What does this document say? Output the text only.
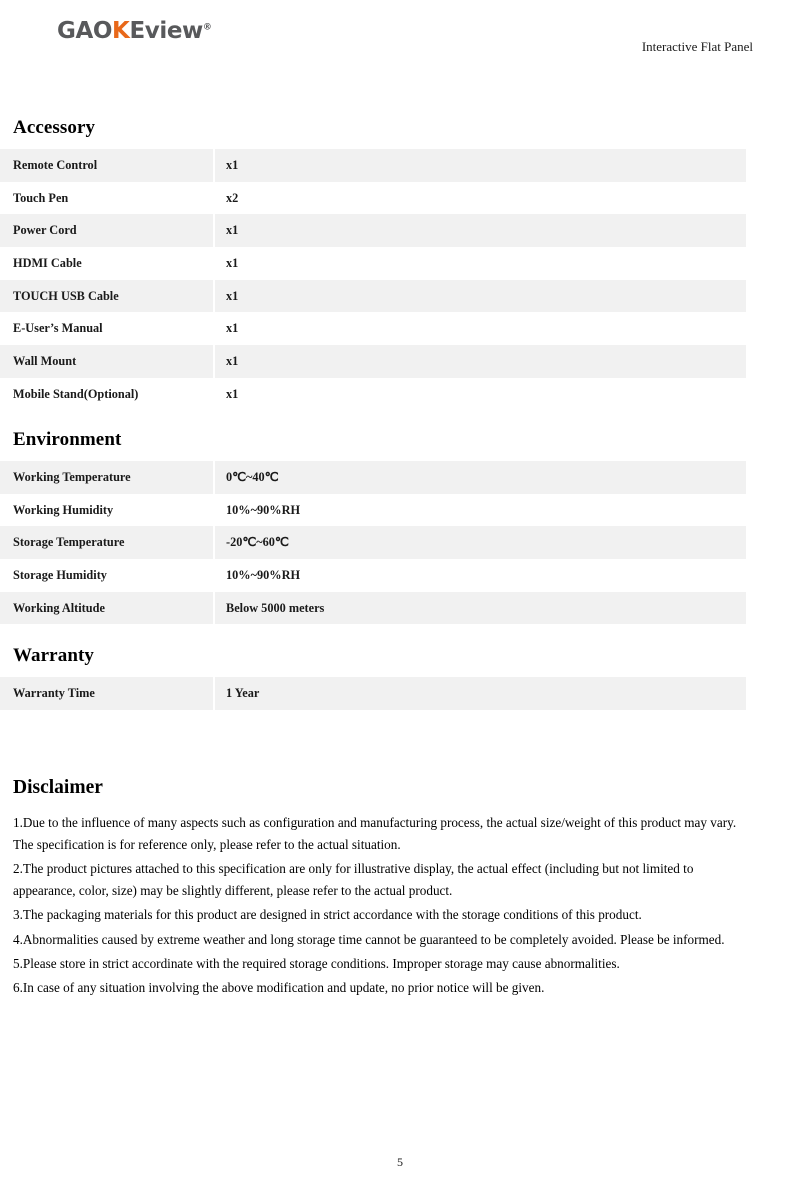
GAOKEview®
Interactive Flat Panel
Accessory
Remote Control		x1
Touch Pen		x2
Power Cord		x1
HDMI Cable		x1
TOUCH USB Cable		x1
E-User’s Manual		x1
Wall Mount		x1
Mobile Stand(Optional)		x1
Environment
Working Temperature		0℃~40℃
Working Humidity		10%~90%RH
Storage Temperature		-20℃~60℃
Storage Humidity		10%~90%RH
Working Altitude		Below 5000 meters
Warranty
Warranty Time		1 Year
Disclaimer
1.Due to the influence of many aspects such as configuration and manufacturing process, the actual size/weight of this product may vary. The specification is for reference only, please refer to the actual situation.
2.The product pictures attached to this specification are only for illustrative display, the actual effect (including but not limited to appearance, color, size) may be slightly different, please refer to the actual product.
3.The packaging materials for this product are designed in strict accordance with the storage conditions of this product.
4.Abnormalities caused by extreme weather and long storage time cannot be guaranteed to be completely avoided. Please be informed.
5.Please store in strict accordinate with the required storage conditions. Improper storage may cause abnormalities.
6.In case of any situation involving the above modification and update, no prior notice will be given.
5
